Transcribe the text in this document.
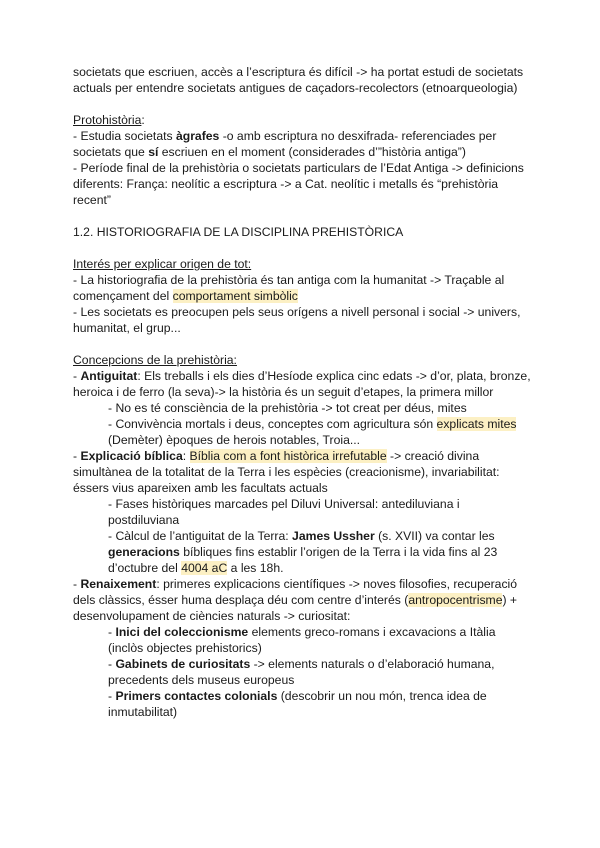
societats que escriuen, accès a l’escriptura és difícil -> ha portat estudi de societats actuals per entendre societats antigues de caçadors-recolectors (etnoarqueologia)

Protohistòria:

- Estudia societats àgrafes -o amb escriptura no desxifrada- referenciades per societats que sí escriuen en el moment (considerades d’”història antiga”)

- Període final de la prehistòria o societats particulars de l’Edat Antiga -> definicions diferents: França: neolític a escriptura -> a Cat. neolític i metalls és “prehistòria recent”

1.2. HISTORIOGRAFIA DE LA DISCIPLINA PREHISTÒRICA

Interés per explicar origen de tot:

- La historiografia de la prehistòria és tan antiga com la humanitat -> Traçable al començament del comportament simbòlic

- Les societats es preocupen pels seus orígens a nivell personal i social -> univers, humanitat, el grup...

Concepcions de la prehistòria:

- Antiguitat: Els treballs i els dies d’Hesíode explica cinc edats -> d’or, plata, bronze, heroica i de ferro (la seva)-> la història és un seguit d’etapes, la primera millor

- No es té consciència de la prehistòria -> tot creat per déus, mites

- Convivència mortals i deus, conceptes com agricultura són explicats mites (Demèter) èpoques de herois notables, Troia...

- Explicació bíblica: Bíblia com a font històrica irrefutable -> creació divina simultànea de la totalitat de la Terra i les espècies (creacionisme), invariabilitat: éssers vius apareixen amb les facultats actuals

- Fases històriques marcades pel Diluvi Universal: antediluviana i postdiluviana

- Càlcul de l’antiguitat de la Terra: James Ussher (s. XVII) va contar les generacions bíbliques fins establir l’origen de la Terra i la vida fins al 23 d’octubre del 4004 aC a les 18h.

- Renaixement: primeres explicacions científiques -> noves filosofies, recuperació dels clàssics, ésser huma desplaça déu com centre d’interés (antropocentrisme) + desenvolupament de ciències naturals -> curiositat:

- Inici del coleccionisme elements greco-romans i excavacions a Itàlia (inclòs objectes prehistorics)

- Gabinets de curiositats -> elements naturals o d’elaboració humana, precedents dels museus europeus

- Primers contactes colonials (descobrir un nou món, trenca idea de inmutabilitat)
